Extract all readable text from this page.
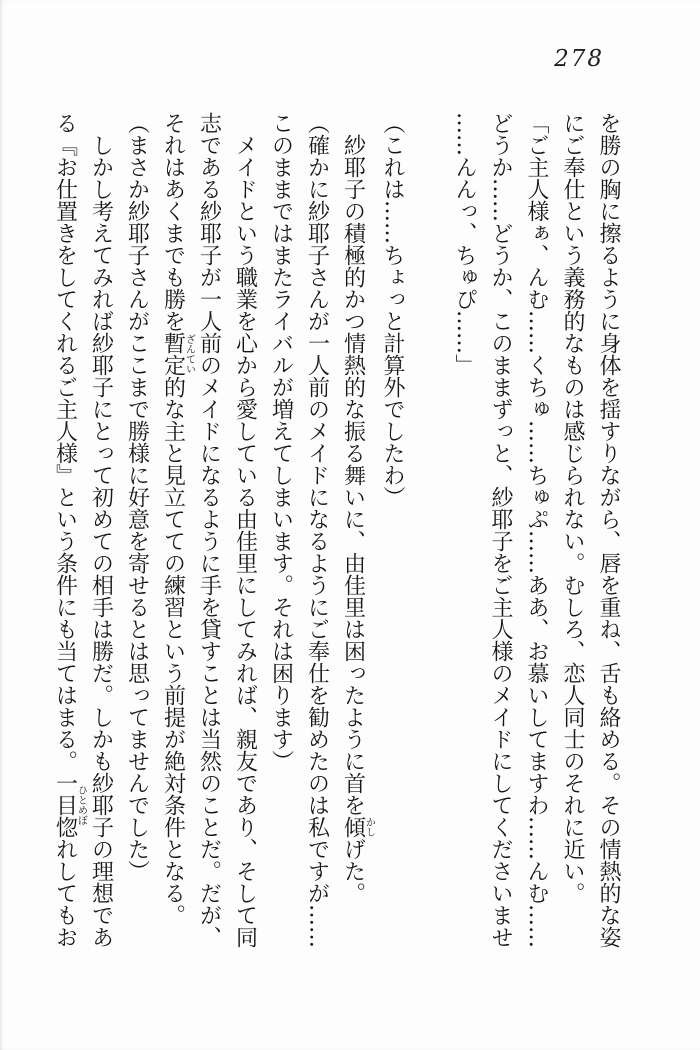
278

を勝の胸に擦るように身体を揺すりながら、唇を重ね、舌も絡める。その情熱的な姿にご奉仕という義務的なものは感じられない。むしろ、恋人同士のそれに近い。

「ご主人様ぁ、んむ……くちゅ……ちゅぷ……ああ、お慕いしてますわ……んむ……どうか……どうか、このままずっと、紗耶子をご主人様のメイドにしてくださいませ……んんっ、ちゅぴ……」

（これは……ちょっと計算外でしたわ）

紗耶子の積極的かつ情熱的な振る舞いに、由佳里は困ったように首を傾かしげた。

（確かに紗耶子さんが一人前のメイドになるようにご奉仕を勧めたのは私ですが……このままではまたライバルが増えてしまいます。それは困ります）

メイドという職業を心から愛している由佳里にしてみれば、親友であり、そして同志である紗耶子が一人前のメイドになるように手を貸すことは当然のことだ。だが、それはあくまでも勝を暫定ざんてい的な主と見立てての練習という前提が絶対条件となる。

（まさか紗耶子さんがここまで勝様に好意を寄せるとは思ってませんでした）

しかし考えてみれば紗耶子にとって初めての相手は勝だ。しかも紗耶子の理想である『お仕置きをしてくれるご主人様』という条件にも当てはまる。一目惚ひとめぼれしてもお
